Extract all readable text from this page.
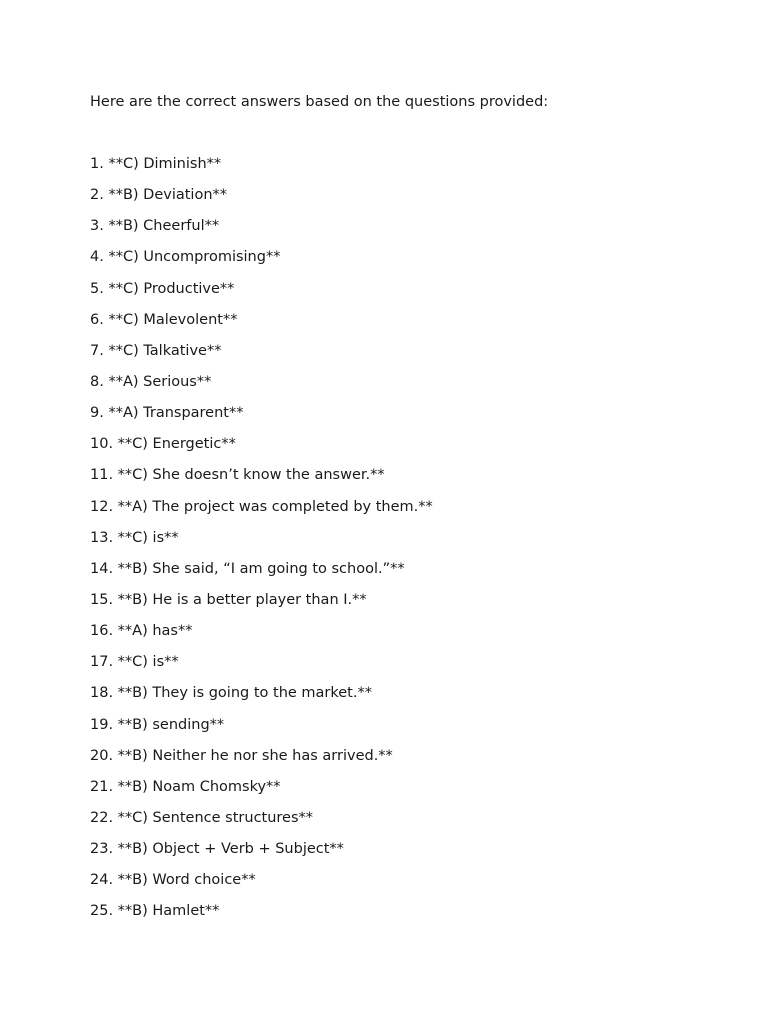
Here are the correct answers based on the questions provided:

1. **C) Diminish**
2. **B) Deviation**
3. **B) Cheerful**
4. **C) Uncompromising**
5. **C) Productive**
6. **C) Malevolent**
7. **C) Talkative**
8. **A) Serious**
9. **A) Transparent**
10. **C) Energetic**
11. **C) She doesn’t know the answer.**
12. **A) The project was completed by them.**
13. **C) is**
14. **B) She said, “I am going to school.”**
15. **B) He is a better player than I.**
16. **A) has**
17. **C) is**
18. **B) They is going to the market.**
19. **B) sending**
20. **B) Neither he nor she has arrived.**
21. **B) Noam Chomsky**
22. **C) Sentence structures**
23. **B) Object + Verb + Subject**
24. **B) Word choice**
25. **B) Hamlet**
